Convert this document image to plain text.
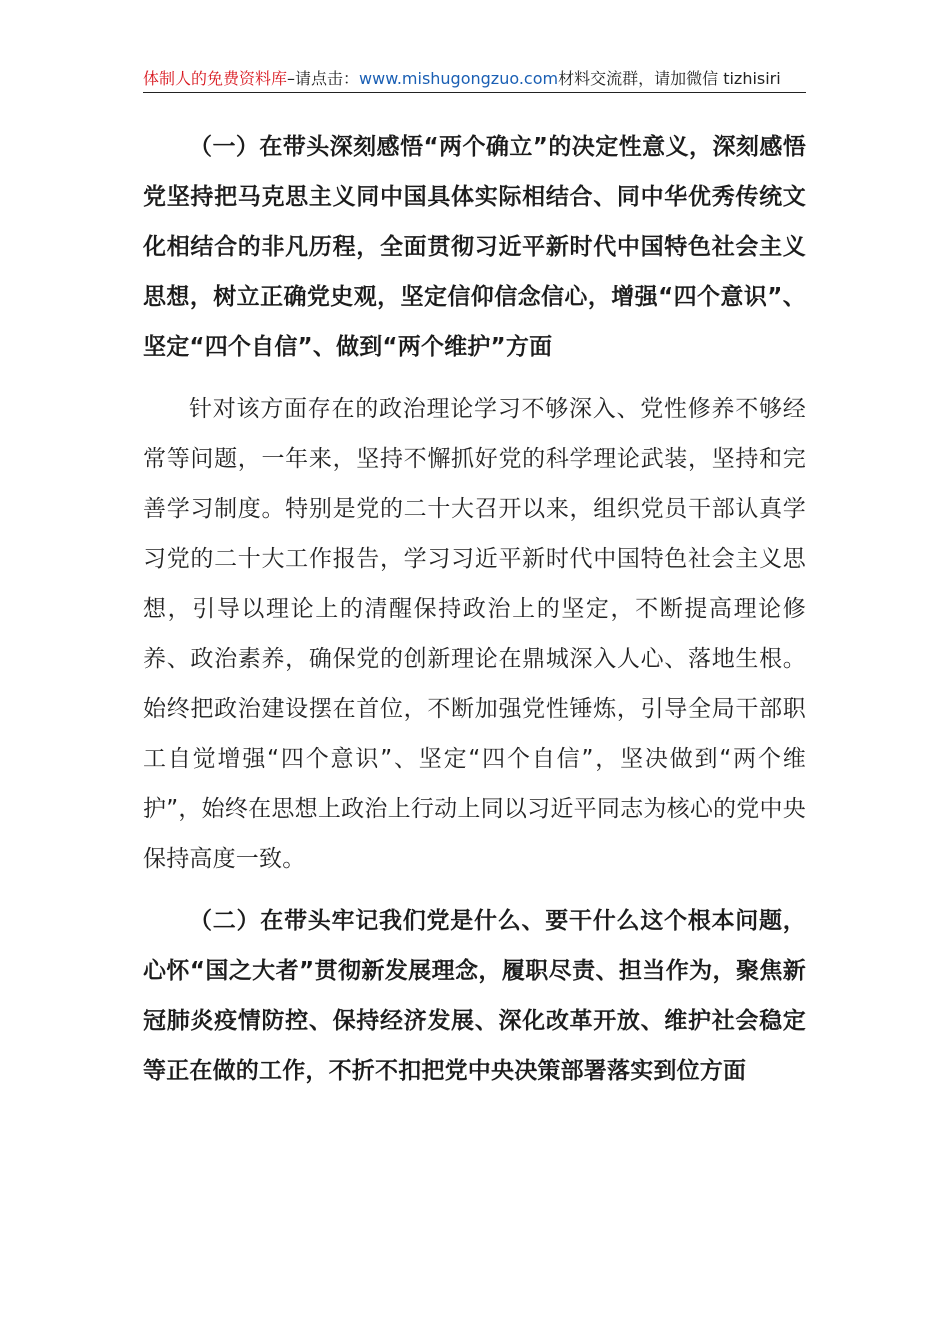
体制人的免费资料库–请点击：www.mishugongzuo.com材料交流群，请加微信 tizhisiri

（一）在带头深刻感悟“两个确立”的决定性意义，深刻感悟党坚持把马克思主义同中国具体实际相结合、同中华优秀传统文化相结合的非凡历程，全面贯彻习近平新时代中国特色社会主义思想，树立正确党史观，坚定信仰信念信心，增强“四个意识”、坚定“四个自信”、做到“两个维护”方面

针对该方面存在的政治理论学习不够深入、党性修养不够经常等问题，一年来，坚持不懈抓好党的科学理论武装，坚持和完善学习制度。特别是党的二十大召开以来，组织党员干部认真学习党的二十大工作报告，学习习近平新时代中国特色社会主义思想，引导以理论上的清醒保持政治上的坚定，不断提高理论修养、政治素养，确保党的创新理论在鼎城深入人心、落地生根。始终把政治建设摆在首位，不断加强党性锤炼，引导全局干部职工自觉增强“四个意识”、坚定“四个自信”，坚决做到“两个维护”，始终在思想上政治上行动上同以习近平同志为核心的党中央保持高度一致。

（二）在带头牢记我们党是什么、要干什么这个根本问题，心怀“国之大者”贯彻新发展理念，履职尽责、担当作为，聚焦新冠肺炎疫情防控、保持经济发展、深化改革开放、维护社会稳定等正在做的工作，不折不扣把党中央决策部署落实到位方面
